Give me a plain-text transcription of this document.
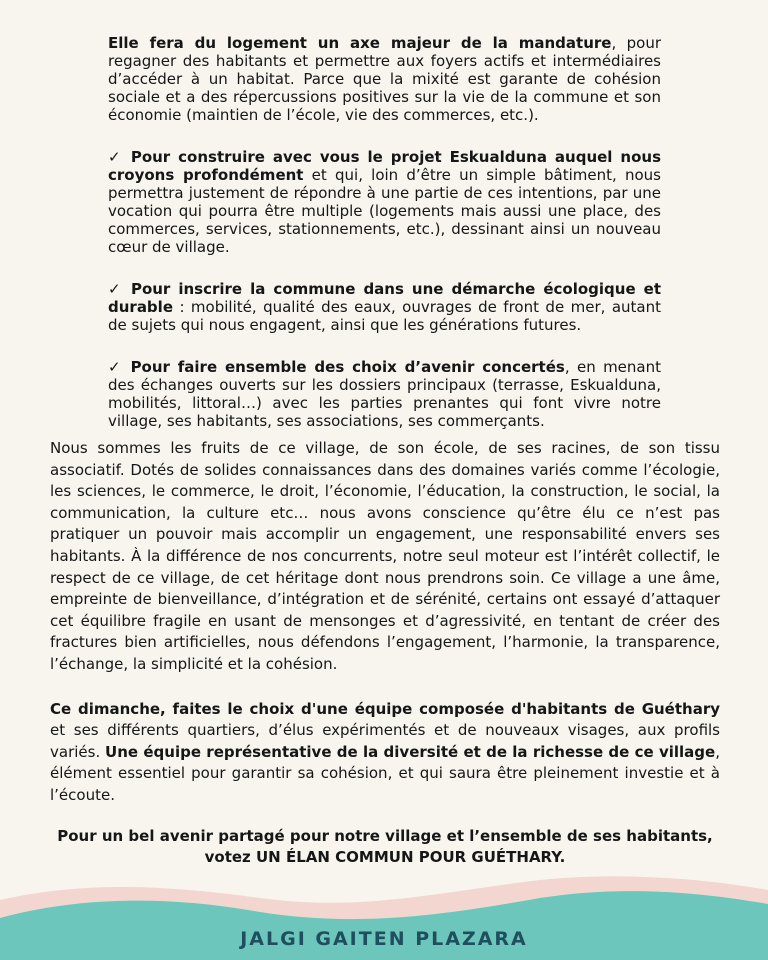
Elle fera du logement un axe majeur de la mandature, pour regagner des habitants et permettre aux foyers actifs et intermédiaires d’accéder à un habitat. Parce que la mixité est garante de cohésion sociale et a des répercussions positives sur la vie de la commune et son économie (maintien de l’école, vie des commerces, etc.).

✓ Pour construire avec vous le projet Eskualduna auquel nous croyons profondément et qui, loin d’être un simple bâtiment, nous permettra justement de répondre à une partie de ces intentions, par une vocation qui pourra être multiple (logements mais aussi une place, des commerces, services, stationnements, etc.), dessinant ainsi un nouveau cœur de village.

✓ Pour inscrire la commune dans une démarche écologique et durable : mobilité, qualité des eaux, ouvrages de front de mer, autant de sujets qui nous engagent, ainsi que les générations futures.

✓ Pour faire ensemble des choix d’avenir concertés, en menant des échanges ouverts sur les dossiers principaux (terrasse, Eskualduna, mobilités, littoral…) avec les parties prenantes qui font vivre notre village, ses habitants, ses associations, ses commerçants.

Nous sommes les fruits de ce village, de son école, de ses racines, de son tissu associatif. Dotés de solides connaissances dans des domaines variés comme l’écologie, les sciences, le commerce, le droit, l’économie, l’éducation, la construction, le social, la communication, la culture etc… nous avons conscience qu’être élu ce n’est pas pratiquer un pouvoir mais accomplir un engagement, une responsabilité envers ses habitants. À la différence de nos concurrents, notre seul moteur est l’intérêt collectif, le respect de ce village, de cet héritage dont nous prendrons soin. Ce village a une âme, empreinte de bienveillance, d’intégration et de sérénité, certains ont essayé d’attaquer cet équilibre fragile en usant de mensonges et d’agressivité, en tentant de créer des fractures bien artificielles, nous défendons l’engagement, l’harmonie, la transparence, l’échange, la simplicité et la cohésion.

Ce dimanche, faites le choix d'une équipe composée d'habitants de Guéthary et ses différents quartiers, d’élus expérimentés et de nouveaux visages, aux profils variés. Une équipe représentative de la diversité et de la richesse de ce village, élément essentiel pour garantir sa cohésion, et qui saura être pleinement investie et à l’écoute.

Pour un bel avenir partagé pour notre village et l’ensemble de ses habitants,
votez UN ÉLAN COMMUN POUR GUÉTHARY.
JALGI GAITEN PLAZARA
